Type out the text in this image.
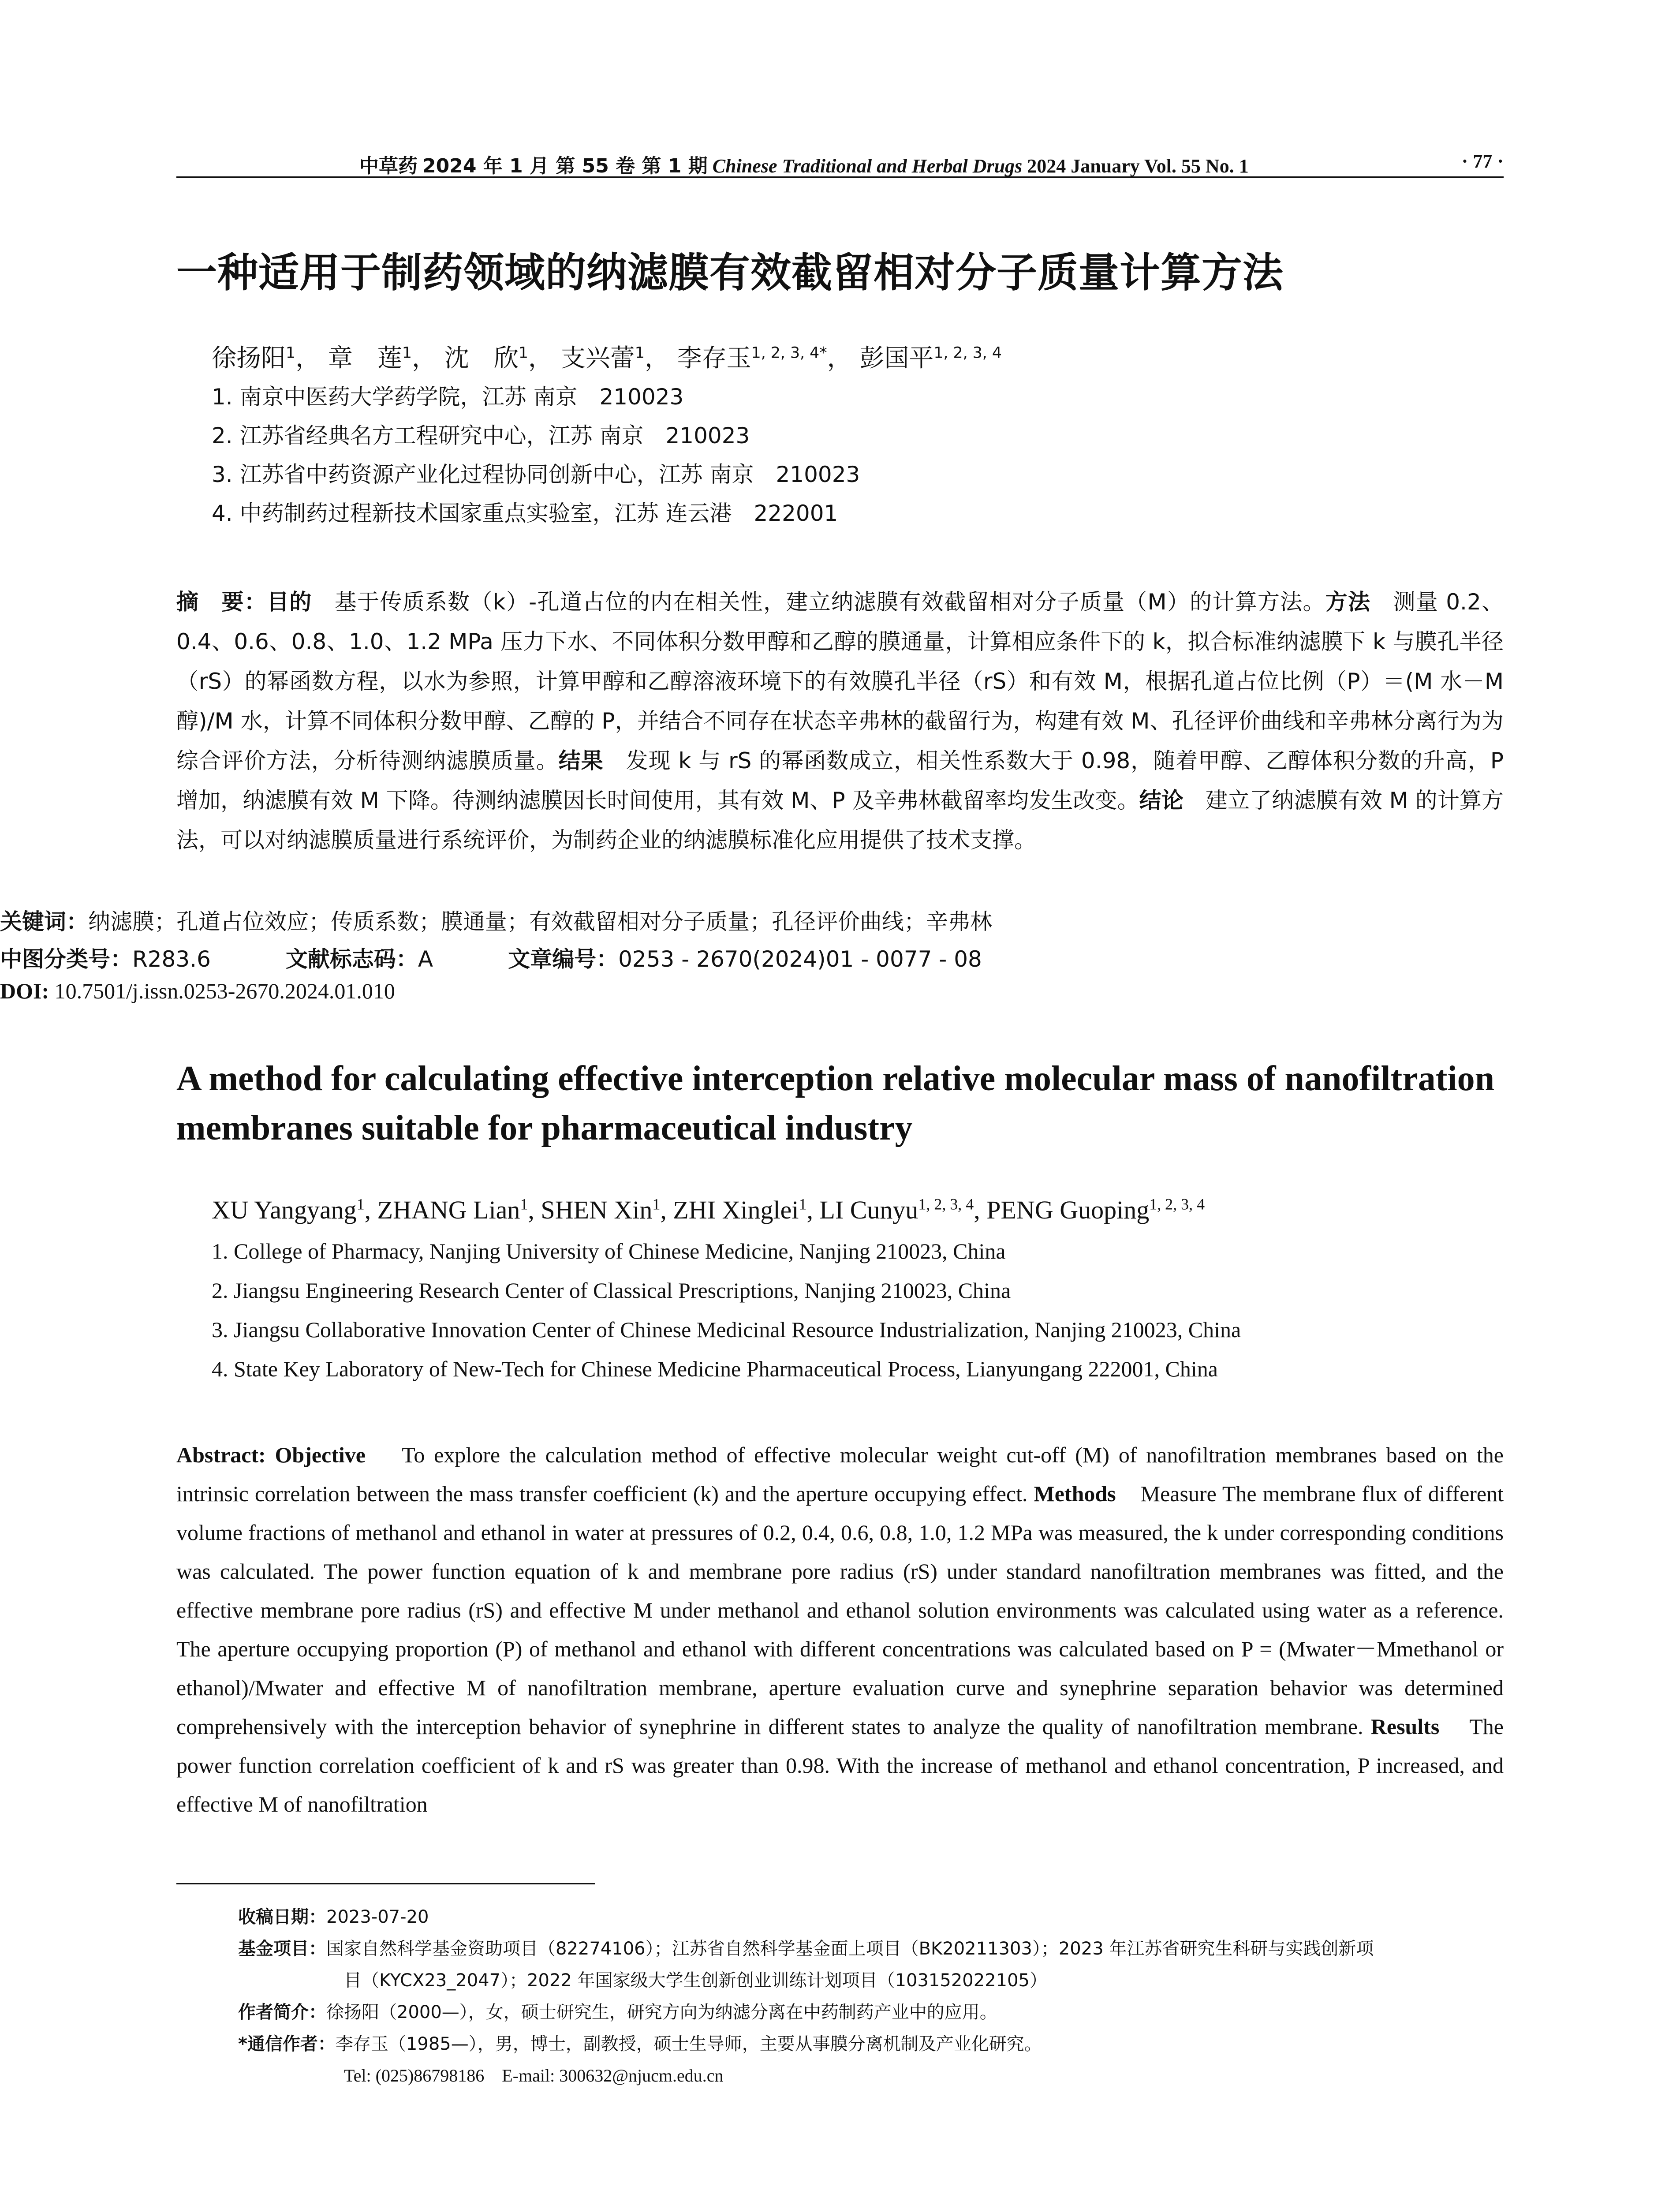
中草药 2024 年 1 月 第 55 卷 第 1 期 Chinese Traditional and Herbal Drugs 2024 January Vol. 55 No. 1	· 77 ·
一种适用于制药领域的纳滤膜有效截留相对分子质量计算方法
徐扬阳$^1$， 章　莲$^1$， 沈　欣$^1$， 支兴蕾$^1$， 李存玉$^{1, 2, 3, 4*}$， 彭国平$^{1, 2, 3, 4}$
1. 南京中医药大学药学院，江苏 南京　210023
2. 江苏省经典名方工程研究中心，江苏 南京　210023
3. 江苏省中药资源产业化过程协同创新中心，江苏 南京　210023
4. 中药制药过程新技术国家重点实验室，江苏 连云港　222001
摘　要：目的　 基于传质系数（k）-孔道占位的内在相关性，建立纳滤膜有效截留相对分子质量（M）的计算方法。方法　 测量 0.2、0.4、0.6、0.8、1.0、1.2 MPa 压力下水、不同体积分数甲醇和乙醇的膜通量，计算相应条件下的 k，拟合标准纳滤膜下 k 与膜孔半径（rS）的幂函数方程，以水为参照，计算甲醇和乙醇溶液环境下的有效膜孔半径（rS）和有效 M，根据孔道占位比例（P）＝(M 水－M 醇)/M 水，计算不同体积分数甲醇、乙醇的 P，并结合不同存在状态辛弗林的截留行为，构建有效 M、孔径评价曲线和辛弗林分离行为为综合评价方法，分析待测纳滤膜质量。结果　 发现 k 与 rS 的幂函数成立，相关性系数大于 0.98，随着甲醇、乙醇体积分数的升高，P 增加，纳滤膜有效 M 下降。待测纳滤膜因长时间使用，其有效 M、P 及辛弗林截留率均发生改变。结论　 建立了纳滤膜有效 M 的计算方法，可以对纳滤膜质量进行系统评价，为制药企业的纳滤膜标准化应用提供了技术支撑。
关键词：纳滤膜；孔道占位效应；传质系数；膜通量；有效截留相对分子质量；孔径评价曲线；辛弗林
中图分类号：R283.6	文献标志码：A	文章编号：0253 - 2670(2024)01 - 0077 - 08
DOI: 10.7501/j.issn.0253-2670.2024.01.010
A method for calculating effective interception relative molecular mass of nanofiltration membranes suitable for pharmaceutical industry
XU Yangyang$^1$, ZHANG Lian$^1$, SHEN Xin$^1$, ZHI Xinglei$^1$, LI Cunyu$^{1, 2, 3, 4}$, PENG Guoping$^{1, 2, 3, 4}$
1. College of Pharmacy, Nanjing University of Chinese Medicine, Nanjing 210023, China
2. Jiangsu Engineering Research Center of Classical Prescriptions, Nanjing 210023, China
3. Jiangsu Collaborative Innovation Center of Chinese Medicinal Resource Industrialization, Nanjing 210023, China
4. State Key Laboratory of New-Tech for Chinese Medicine Pharmaceutical Process, Lianyungang 222001, China
Abstract: Objective To explore the calculation method of effective molecular weight cut-off (M) of nanofiltration membranes based on the intrinsic correlation between the mass transfer coefficient (k) and the aperture occupying effect. Methods Measure The membrane flux of different volume fractions of methanol and ethanol in water at pressures of 0.2, 0.4, 0.6, 0.8, 1.0, 1.2 MPa was measured, the k under corresponding conditions was calculated. The power function equation of k and membrane pore radius (rS) under standard nanofiltration membranes was fitted, and the effective membrane pore radius (rS) and effective M under methanol and ethanol solution environments was calculated using water as a reference. The aperture occupying proportion (P) of methanol and ethanol with different concentrations was calculated based on P = (Mwater－Mmethanol or ethanol)/Mwater and effective M of nanofiltration membrane, aperture evaluation curve and synephrine separation behavior was determined comprehensively with the interception behavior of synephrine in different states to analyze the quality of nanofiltration membrane. Results The power function correlation coefficient of k and rS was greater than 0.98. With the increase of methanol and ethanol concentration, P increased, and effective M of nanofiltration
收稿日期：2023-07-20
基金项目：国家自然科学基金资助项目（82274106）；江苏省自然科学基金面上项目（BK20211303）；2023 年江苏省研究生科研与实践创新项
目（KYCX23_2047）；2022 年国家级大学生创新创业训练计划项目（103152022105）
作者简介：徐扬阳（2000—），女，硕士研究生，研究方向为纳滤分离在中药制药产业中的应用。
*通信作者：李存玉（1985—），男，博士，副教授，硕士生导师，主要从事膜分离机制及产业化研究。
Tel: (025)86798186　E-mail: 300632@njucm.edu.cn
